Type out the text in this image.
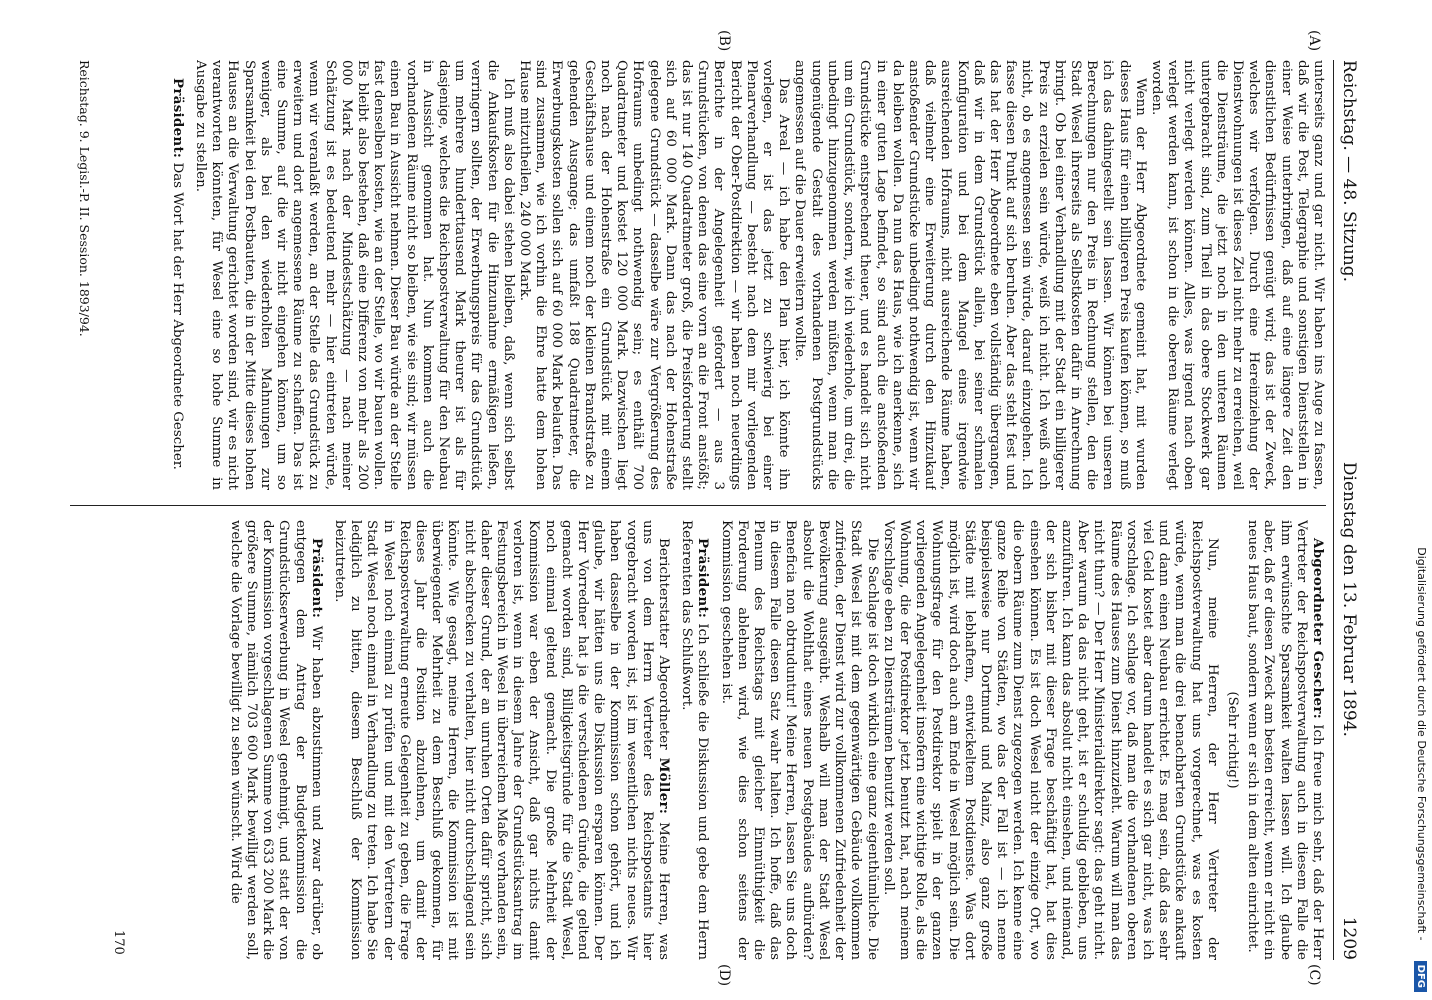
Digitalisierung gefördert durch die Deutsche Forschungsgemeinschaft -DFG
Reichstag. — 48. Sitzung.
Dienstag den 13. Februar 1894.
1209
(A)
(B)
(C)
(D)

unterseits ganz und gar nicht. Wir haben ins Auge zu fassen, daß wir die Post, Telegraphie und sonstigen Dienststellen in einer Weise unterbringen, daß auf eine längere Zeit den dienstlichen Bedürfnissen genügt wird; das ist der Zweck, welches wir verfolgen. Durch eine Hereinziehung der Dienstwohnungen ist dieses Ziel nicht mehr zu erreichen, weil die Diensträume, die jetzt noch in den unteren Räumen untergebracht sind, zum Theil in das obere Stockwerk gar nicht verlegt werden können. Alles, was irgend nach oben verlegt werden kann, ist schon in die oberen Räume verlegt worden.

Wenn der Herr Abgeordnete gemeint hat, mit wurden dieses Haus für einen billigeren Preis kaufen können, so muß ich das dahingestellt sein lassen. Wir können bei unseren Berechnungen nur den Preis in Rechnung stellen, den die Stadt Wesel ihrerseits als Selbstkosten dafür in Anrechnung bringt. Ob bei einer Verhandlung mit der Stadt ein billigerer Preis zu erzielen sein würde, weiß ich nicht. Ich weiß auch nicht, ob es angemessen sein würde, darauf einzugehen. Ich fasse diesen Punkt auf sich beruhen. Aber das steht fest und das hat der Herr Abgeordnete eben vollständig übergangen, daß wir in dem Grundstück allein, bei seiner schmalen Konfiguration und bei dem Mangel eines irgendwie ausreichenden Hofraums, nicht ausreichende Räume haben, daß vielmehr eine Erweiterung durch den Hinzukauf anstoßender Grundstücke unbedingt nothwendig ist, wenn wir da bleiben wollen. Da nun das Haus, wie ich anerkenne, sich in einer guten Lage befindet, so sind auch die anstoßenden Grundstücke entsprechend theuer, und es handelt sich nicht um ein Grundstück, sondern, wie ich wiederhole, um drei, die unbedingt hinzugenommen werden müßten, wenn man die ungenügende Gestalt des vorhandenen Postgrundstücks angemessen auf die Dauer erweitern wollte.

Das Areal — ich habe den Plan hier, ich könnte ihn vorlegen, er ist das jetzt zu schwierig bei einer Plenarverhandlung — besteht nach dem mir vorliegenden Bericht der Ober-Postdirektion — wir haben noch neuerdings Berichte in der Angelegenheit gefordert — aus 3 Grundstücken, von denen das eine vorn an die Front anstößt; das ist nur 140 Quadratmeter groß, die Preisforderung stellt sich auf 60 000 Mark. Dann das nach der Hohenstraße gelegene Grundstück — dasselbe wäre zur Vergrößerung des Hofraums unbedingt nothwendig sein; es enthält 700 Quadratmeter und kostet 120 000 Mark. Dazwischen liegt noch nach der Hohenstraße ein Grundstück mit einem Geschäftshause und einem noch der kleinen Brandstraße zu gehenden Ausgange; das umfaßt 188 Quadratmeter, die Erwerbungskosten sollen sich auf 60 000 Mark belaufen. Das sind zusammen, wie ich vorhin die Ehre hatte dem hohen Hause mitzutheilen, 240 000 Mark.

Ich muß also dabei stehen bleiben, daß, wenn sich selbst die Ankaufskosten für die Hinzunahme ermäßigen ließen, verringern sollten, der Erwerbungspreis für das Grundstück um mehrere hunderttausend Mark theurer ist als für dasjenige, welches die Reichspostverwaltung für den Neubau in Aussicht genommen hat. Nun kommen auch die vorhandenen Räume nicht so bleiben, wie sie sind; wir müssen einen Bau in Aussicht nehmen. Dieser Bau würde an der Stelle fast denselben kosten, wie an der Stelle, wo wir bauen wollen. Es bleibt also bestehen, daß eine Differenz von mehr als 200 000 Mark nach der Mindestschätzung — nach meiner Schätzung ist es bedeutend mehr — hier eintreten würde, wenn wir veranlaßt werden, an der Stelle das Grundstück zu erweitern und dort angemessene Räume zu schaffen. Das ist eine Summe, auf die wir nicht eingehen können, um so weniger, als bei den wiederholten Mahnungen zur Sparsamkeit bei den Postbauten, die in der Mitte dieses hohen Hauses an die Verwaltung gerichtet worden sind, wir es nicht verantworten könnten, für Wesel eine so hohe Summe in Ausgabe zu stellen.

Präsident: Das Wort hat der Herr Abgeordnete Gescher.

Abgeordneter Gescher: Ich freue mich sehr, daß der Herr Vertreter der Reichspostverwaltung auch in diesem Falle die ihm erwünschte Sparsamkeit walten lassen will. Ich glaube aber, daß er diesen Zweck am besten erreicht, wenn er nicht ein neues Haus baut, sondern wenn er sich in dem alten einrichtet.

(Sehr richtig!)

Nun, meine Herren, der Herr Vertreter der Reichspostverwaltung hat uns vorgerechnet, was es kosten würde, wenn man die drei benachbarten Grundstücke ankauft und dann einen Neubau errichtet. Es mag sein, daß das sehr viel Geld kostet aber darum handelt es sich gar nicht, was ich vorschlage. Ich schlage vor, daß man die vorhandenen oberen Räume des Hauses zum Dienst hinzuzieht. Warum will man das nicht thun? — Der Herr Ministerialdirektor sagt: das geht nicht. Aber warum da das nicht geht, ist er schuldig geblieben, uns anzuführen. Ich kann das absolut nicht einsehen, und niemand, der sich bisher mit dieser Frage beschäftigt hat, hat dies einsehen können. Es ist doch Wesel nicht der einzige Ort, wo die obern Räume zum Dienst zugezogen werden. Ich kenne eine ganze Reihe von Städten, wo das der Fall ist — ich nenne beispielsweise nur Dortmund und Mainz, also ganz große Städte mit lebhaftem, entwickeltem Postdienste. Was dort möglich ist, wird doch auch am Ende in Wesel möglich sein. Die Wohnungsfrage für den Postdirektor spielt in der ganzen vorliegenden Angelegenheit insofern eine wichtige Rolle, als die Wohnung, die der Postdirektor jetzt benutzt hat, nach meinem Vorschlage eben zu Diensträumen benutzt werden soll.

Die Sachlage ist doch wirklich eine ganz eigenthümliche. Die Stadt Wesel ist mit dem gegenwärtigen Gebäude vollkommen zufrieden, der Dienst wird zur vollkommenen Zufriedenheit der Bevölkerung ausgeübt. Weshalb will man der Stadt Wesel absolut die Wohlthat eines neuen Postgebäudes aufbürden? Beneficia non obtruduntur! Meine Herren, lassen Sie uns doch in diesem Falle diesen Satz wahr halten. Ich hoffe, daß das Plenum des Reichstags mit gleicher Einmüthigkeit die Forderung ablehnen wird, wie dies schon seitens der Kommission geschehen ist.

Präsident: Ich schließe die Diskussion und gebe dem Herrn Referenten das Schlußwort.

Berichterstatter Abgeordneter Möller: Meine Herren, was uns von dem Herrn Vertreter des Reichspostamts hier vorgebracht worden ist, ist im wesentlichen nichts neues. Wir haben dasselbe in der Kommission schon gehört, und ich glaube, wir hätten uns die Diskussion ersparen können. Der Herr Vorredner hat ja die verschiedenen Gründe, die geltend gemacht worden sind, Billigkeitsgründe für die Stadt Wesel, noch einmal geltend gemacht. Die große Mehrheit der Kommission war eben der Ansicht, daß gar nichts damit verloren ist, wenn in diesem Jahre der Grundstücksantrag im Festungsbereich in Wesel in überreichem Maße vorhanden sein, daher dieser Grund, der an unruhen Orten dafür spricht, sich nicht abschrecken zu verhalten, hier nicht durchschlagend sein könnte. Wie gesagt, meine Herren, die Kommission ist mit überwiegender Mehrheit zu dem Beschluß gekommen, für dieses Jahr die Position abzulehnen, um damit der Reichspostverwaltung erneute Gelegenheit zu geben, die Frage in Wesel noch einmal zu prüfen und mit den Vertretern der Stadt Wesel noch einmal in Verhandlung zu treten. Ich habe Sie lediglich zu bitten, diesem Beschluß der Kommission beizutreten.

Präsident: Wir haben abzustimmen und zwar darüber, ob entgegen dem Antrag der Budgetkommission die Grundstückserwerbung in Wesel genehmigt, und statt der von der Kommission vorgeschlagenen Summe von 633 200 Mark die größere Summe, nämlich 703 600 Mark bewilligt werden soll, welche die Vorlage bewilligt zu sehen wünscht. Wird die

170
Reichstag. 9. Legisl.-P. II. Session. 1893/94.
